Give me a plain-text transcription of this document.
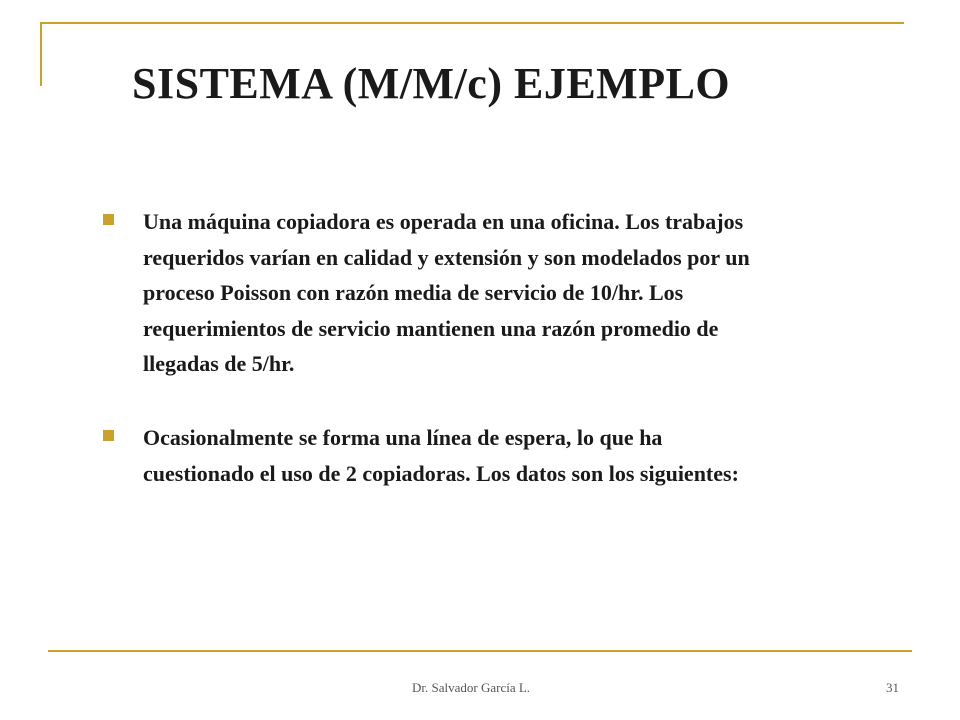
SISTEMA (M/M/c) EJEMPLO

Una máquina copiadora es operada en una oficina. Los trabajos
requeridos varían en calidad y extensión y son modelados por un
proceso Poisson con razón media de servicio de 10/hr. Los
requerimientos de servicio mantienen una razón promedio de
llegadas de 5/hr.

Ocasionalmente se forma una línea de espera, lo que ha
cuestionado el uso de 2 copiadoras. Los datos son los siguientes:

Dr. Salvador García L.	31
